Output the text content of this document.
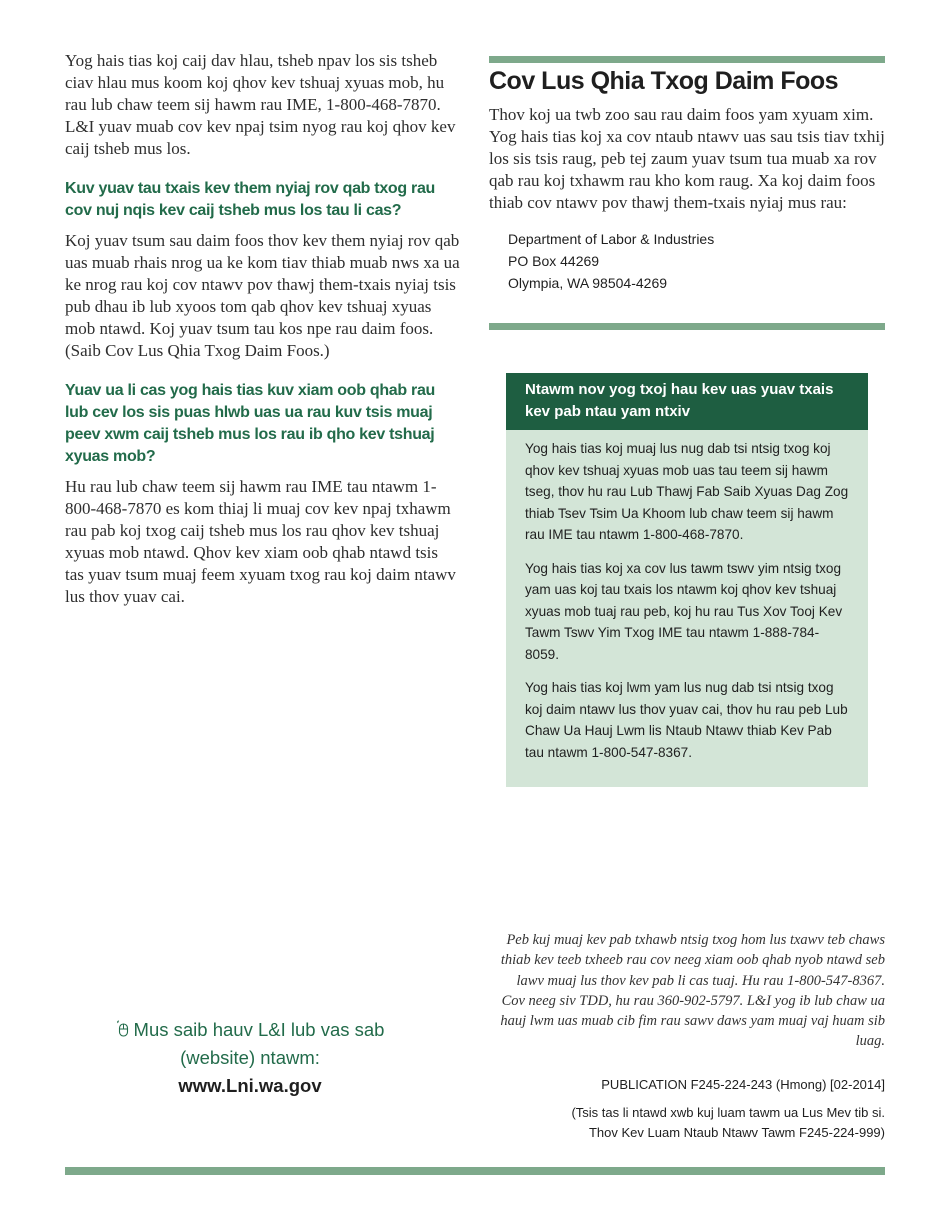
Yog hais tias koj caij dav hlau, tsheb npav los sis tsheb ciav hlau mus koom koj qhov kev tshuaj xyuas mob, hu rau lub chaw teem sij hawm rau IME, 1-800-468-7870. L&I yuav muab cov kev npaj tsim nyog rau koj qhov kev caij tsheb mus los.

Kuv yuav tau txais kev them nyiaj rov qab txog rau cov nuj nqis kev caij tsheb mus los tau li cas?

Koj yuav tsum sau daim foos thov kev them nyiaj rov qab uas muab rhais nrog ua ke kom tiav thiab muab nws xa ua ke nrog rau koj cov ntawv pov thawj them-txais nyiaj tsis pub dhau ib lub xyoos tom qab qhov kev tshuaj xyuas mob ntawd. Koj yuav tsum tau kos npe rau daim foos. (Saib Cov Lus Qhia Txog Daim Foos.)

Yuav ua li cas yog hais tias kuv xiam oob qhab rau lub cev los sis puas hlwb uas ua rau kuv tsis muaj peev xwm caij tsheb mus los rau ib qho kev tshuaj xyuas mob?

Hu rau lub chaw teem sij hawm rau IME tau ntawm 1-800-468-7870 es kom thiaj li muaj cov kev npaj txhawm rau pab koj txog caij tsheb mus los rau qhov kev tshuaj xyuas mob ntawd. Qhov kev xiam oob qhab ntawd tsis tas yuav tsum muaj feem xyuam txog rau koj daim ntawv lus thov yuav cai.

Cov Lus Qhia Txog Daim Foos

Thov koj ua twb zoo sau rau daim foos yam xyuam xim. Yog hais tias koj xa cov ntaub ntawv uas sau tsis tiav txhij los sis tsis raug, peb tej zaum yuav tsum tua muab xa rov qab rau koj txhawm rau kho kom raug. Xa koj daim foos thiab cov ntawv pov thawj them-txais nyiaj mus rau:

Department of Labor & Industries
PO Box 44269
Olympia, WA 98504-4269
Ntawm nov yog txoj hau kev uas yuav txais kev pab ntau yam ntxiv

Yog hais tias koj muaj lus nug dab tsi ntsig txog koj qhov kev tshuaj xyuas mob uas tau teem sij hawm tseg, thov hu rau Lub Thawj Fab Saib Xyuas Dag Zog thiab Tsev Tsim Ua Khoom lub chaw teem sij hawm rau IME tau ntawm 1-800-468-7870.

Yog hais tias koj xa cov lus tawm tswv yim ntsig txog yam uas koj tau txais los ntawm koj qhov kev tshuaj xyuas mob tuaj rau peb, koj hu rau Tus Xov Tooj Kev Tawm Tswv Yim Txog IME tau ntawm 1-888-784-8059.

Yog hais tias koj lwm yam lus nug dab tsi ntsig txog koj daim ntawv lus thov yuav cai, thov hu rau peb Lub Chaw Ua Hauj Lwm lis Ntaub Ntawv thiab Kev Pab tau ntawm 1-800-547-8367.

Peb kuj muaj kev pab txhawb ntsig txog hom lus txawv teb chaws thiab kev teeb txheeb rau cov neeg xiam oob qhab nyob ntawd seb lawv muaj lus thov kev pab li cas tuaj. Hu rau 1-800-547-8367. Cov neeg siv TDD, hu rau 360-902-5797. L&I yog ib lub chaw ua hauj lwm uas muab cib fim rau sawv daws yam muaj vaj huam sib luag.
PUBLICATION F245-224-243 (Hmong) [02-2014]
(Tsis tas li ntawd xwb kuj luam tawm ua Lus Mev tib si.
Thov Kev Luam Ntaub Ntawv Tawm F245-224-999)
Mus saib hauv L&I lub vas sab
(website) ntawm:
www.Lni.wa.gov
